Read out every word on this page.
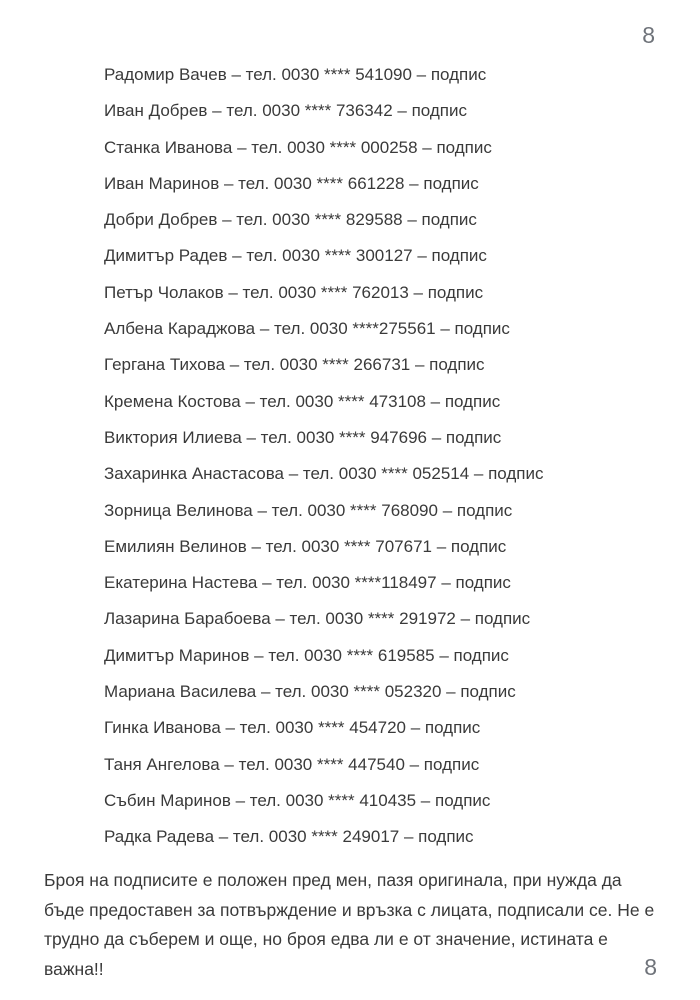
8
Радомир Вачев – тел. 0030 **** 541090 – подпис
Иван Добрев – тел. 0030 **** 736342 – подпис
Станка Иванова – тел. 0030 **** 000258 – подпис
Иван Маринов – тел. 0030 **** 661228 – подпис
Добри Добрев – тел. 0030 **** 829588 – подпис
Димитър Радев – тел. 0030 **** 300127 – подпис
Петър Чолаков – тел. 0030 **** 762013 – подпис
Албена Караджова – тел. 0030 ****275561 – подпис
Гергана Тихова – тел. 0030 **** 266731 – подпис
Кремена Костова – тел. 0030 **** 473108 – подпис
Виктория Илиева – тел. 0030 **** 947696 – подпис
Захаринка Анастасова – тел. 0030 **** 052514 – подпис
Зорница Велинова – тел. 0030 **** 768090 – подпис
Емилиян Велинов – тел. 0030 **** 707671 – подпис
Екатерина Настева – тел. 0030 ****118497 – подпис
Лазарина Барабоева – тел. 0030 **** 291972 – подпис
Димитър Маринов – тел. 0030 **** 619585 – подпис
Мариана Василева – тел. 0030 **** 052320 – подпис
Гинка Иванова – тел. 0030 **** 454720 – подпис
Таня Ангелова – тел. 0030 **** 447540 – подпис
Събин Маринов – тел. 0030 **** 410435 – подпис
Радка Радева – тел. 0030 **** 249017 – подпис
Броя на подписите е положен пред мен, пазя оригинала, при нужда да бъде предоставен за потвърждение и връзка с лицата, подписали се. Не е трудно да съберем и още, но броя едва ли е от значение, истината е важна!!	8
